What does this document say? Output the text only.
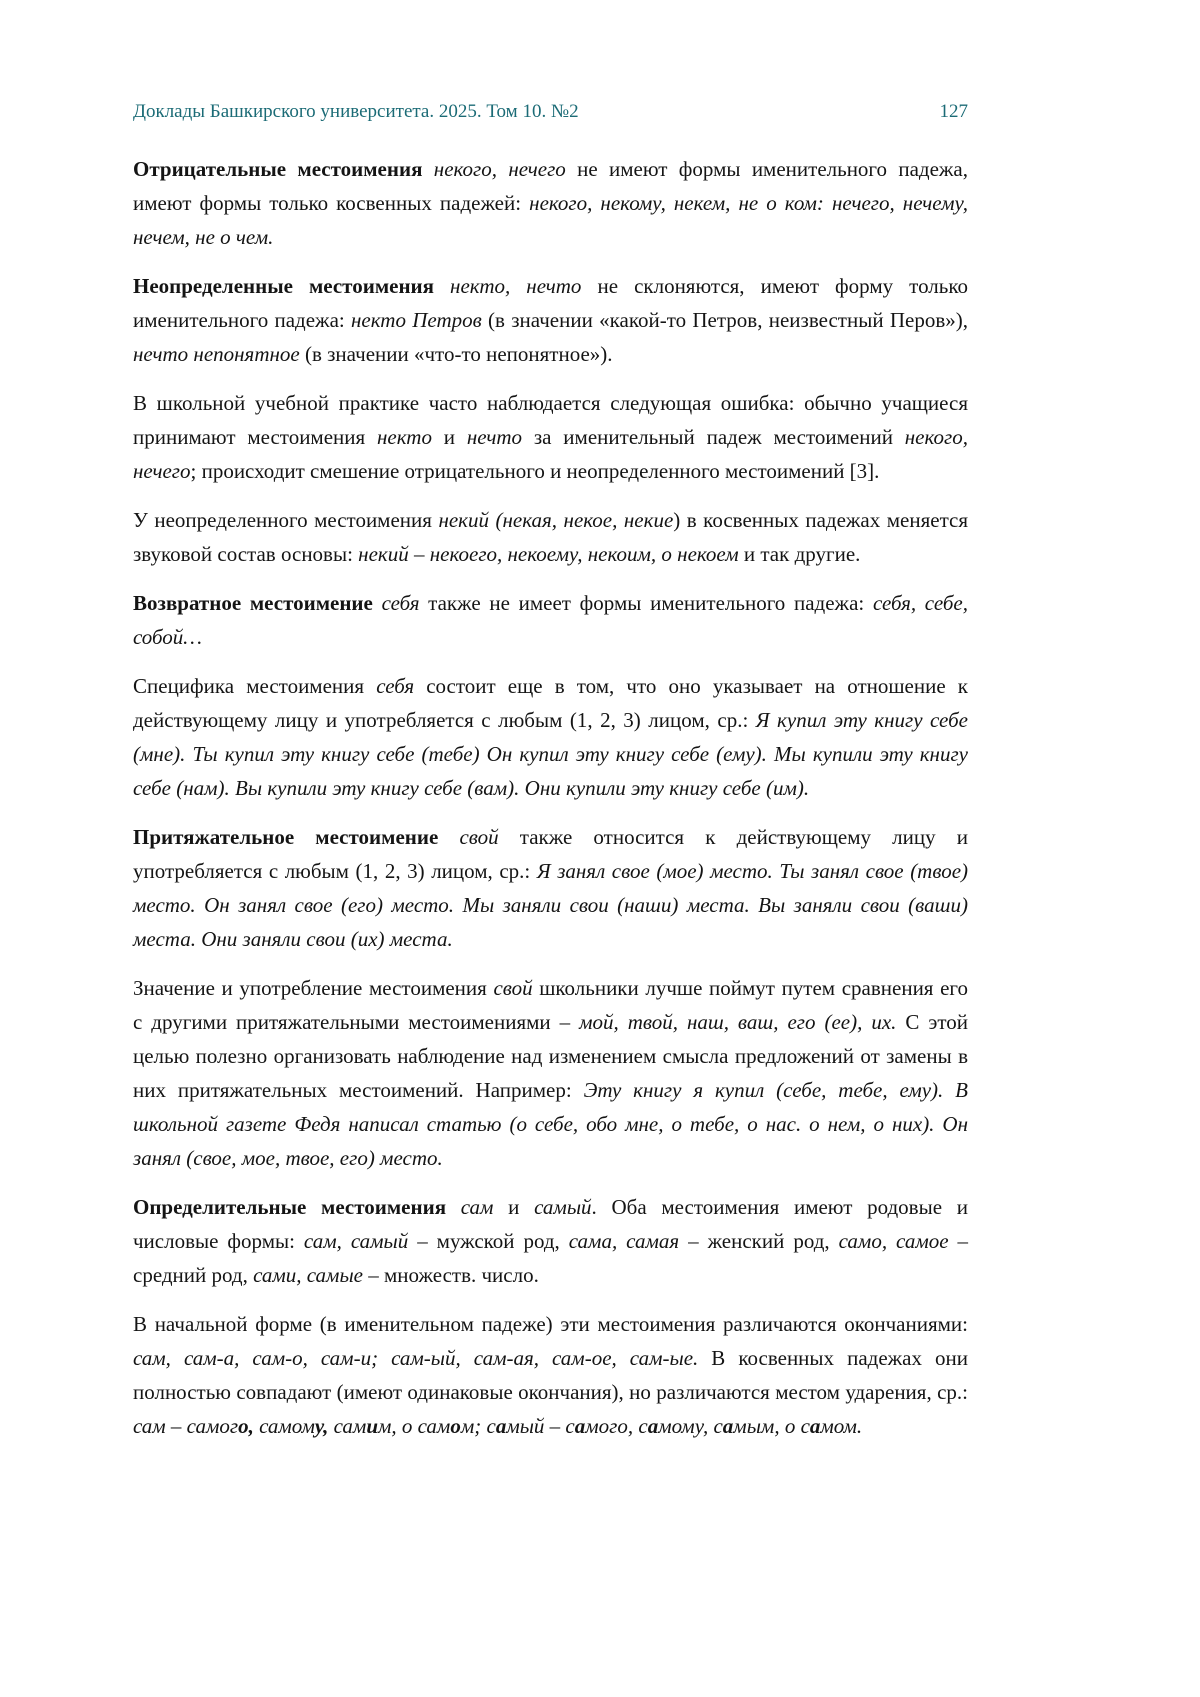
Доклады Башкирского университета. 2025. Том 10. №2	127

Отрицательные местоимения некого, нечего не имеют формы именительного падежа, имеют формы только косвенных падежей: некого, некому, некем, не о ком: нечего, нечему, нечем, не о чем.

Неопределенные местоимения некто, нечто не склоняются, имеют форму только именительного падежа: некто Петров (в значении «какой-то Петров, неизвестный Перов»), нечто непонятное (в значении «что-то непонятное»).

В школьной учебной практике часто наблюдается следующая ошибка: обычно учащиеся принимают местоимения некто и нечто за именительный падеж местоимений некого, нечего; происходит смешение отрицательного и неопределенного местоимений [3].

У неопределенного местоимения некий (некая, некое, некие) в косвенных падежах меняется звуковой состав основы: некий – некоего, некоему, некоим, о некоем и так другие.

Возвратное местоимение себя также не имеет формы именительного падежа: себя, себе, собой…

Специфика местоимения себя состоит еще в том, что оно указывает на отношение к действующему лицу и употребляется с любым (1, 2, 3) лицом, ср.: Я купил эту книгу себе (мне). Ты купил эту книгу себе (тебе) Он купил эту книгу себе (ему). Мы купили эту книгу себе (нам). Вы купили эту книгу себе (вам). Они купили эту книгу себе (им).

Притяжательное местоимение свой также относится к действующему лицу и употребляется с любым (1, 2, 3) лицом, ср.: Я занял свое (мое) место. Ты занял свое (твое) место. Он занял свое (его) место. Мы заняли свои (наши) места. Вы заняли свои (ваши) места. Они заняли свои (их) места.

Значение и употребление местоимения свой школьники лучше поймут путем сравнения его с другими притяжательными местоимениями – мой, твой, наш, ваш, его (ее), их. С этой целью полезно организовать наблюдение над изменением смысла предложений от замены в них притяжательных местоимений. Например: Эту книгу я купил (себе, тебе, ему). В школьной газете Федя написал статью (о себе, обо мне, о тебе, о нас. о нем, о них). Он занял (свое, мое, твое, его) место.

Определительные местоимения сам и самый. Оба местоимения имеют родовые и числовые формы: сам, самый – мужской род, сама, самая – женский род, само, самое – средний род, сами, самые – множеств. число.

В начальной форме (в именительном падеже) эти местоимения различаются окончаниями: сам, сам-а, сам-о, сам-и; сам-ый, сам-ая, сам-ое, сам-ые. В косвенных падежах они полностью совпадают (имеют одинаковые окончания), но различаются местом ударения, ср.: сам – самого, самому, самим, о самом; самый – самого, самому, самым, о самом.
